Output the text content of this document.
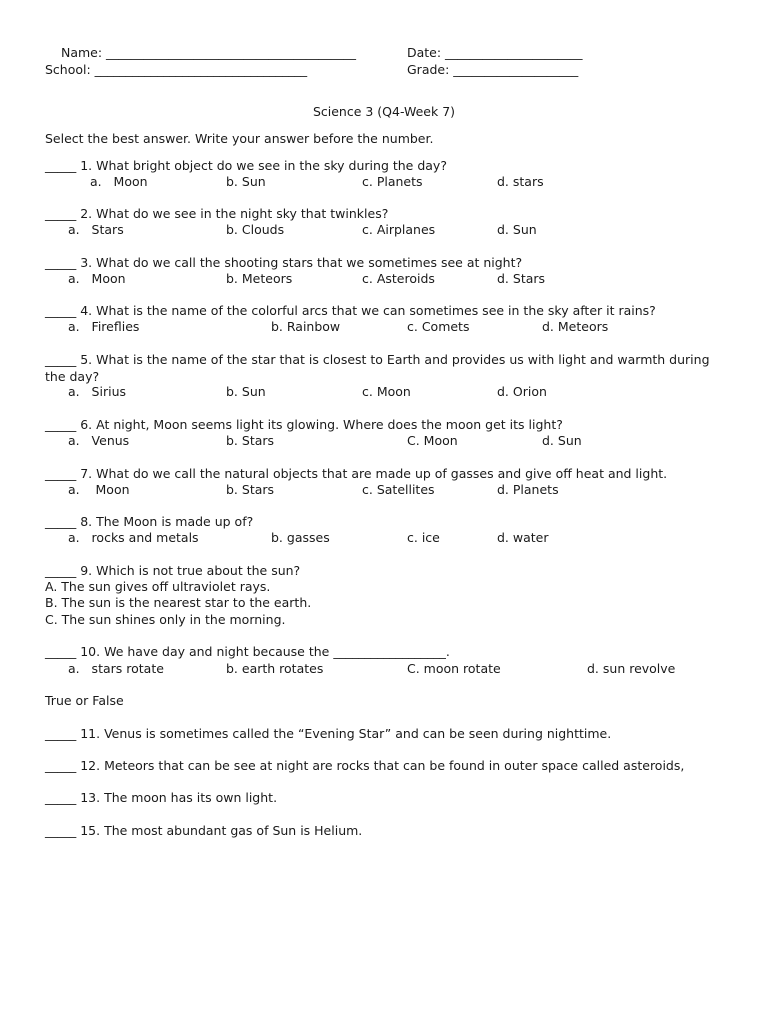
Name: ________________________________________	Date: ______________________
School: __________________________________	Grade: ____________________
Science 3 (Q4-Week 7)
Select the best answer. Write your answer before the number.
_____ 1. What bright object do we see in the sky during the day?
a.   Moon	b. Sun	c. Planets	d. stars
_____ 2. What do we see in the night sky that twinkles?
a.   Stars	b. Clouds	c. Airplanes	d. Sun
_____ 3. What do we call the shooting stars that we sometimes see at night?
a.   Moon	b. Meteors	c. Asteroids	d. Stars
_____ 4. What is the name of the colorful arcs that we can sometimes see in the sky after it rains?
a.   Fireflies	b. Rainbow	c. Comets	d. Meteors
_____ 5. What is the name of the star that is closest to Earth and provides us with light and warmth during the day?
a.   Sirius	b. Sun	c. Moon	d. Orion
_____ 6. At night, Moon seems light its glowing. Where does the moon get its light?
a.   Venus	b. Stars	C. Moon	d. Sun
_____ 7. What do we call the natural objects that are made up of gasses and give off heat and light.
a.    Moon	b. Stars	c. Satellites	d. Planets
_____ 8. The Moon is made up of?
a.   rocks and metals	b. gasses	c. ice	d. water
_____ 9. Which is not true about the sun?
A. The sun gives off ultraviolet rays.
B. The sun is the nearest star to the earth.
C. The sun shines only in the morning.
_____ 10. We have day and night because the __________________.
a.   stars rotate	b. earth rotates	C. moon rotate	d. sun revolve
True or False
_____ 11. Venus is sometimes called the “Evening Star” and can be seen during nighttime.
_____ 12. Meteors that can be see at night are rocks that can be found in outer space called asteroids,
_____ 13. The moon has its own light.
_____ 15. The most abundant gas of Sun is Helium.
